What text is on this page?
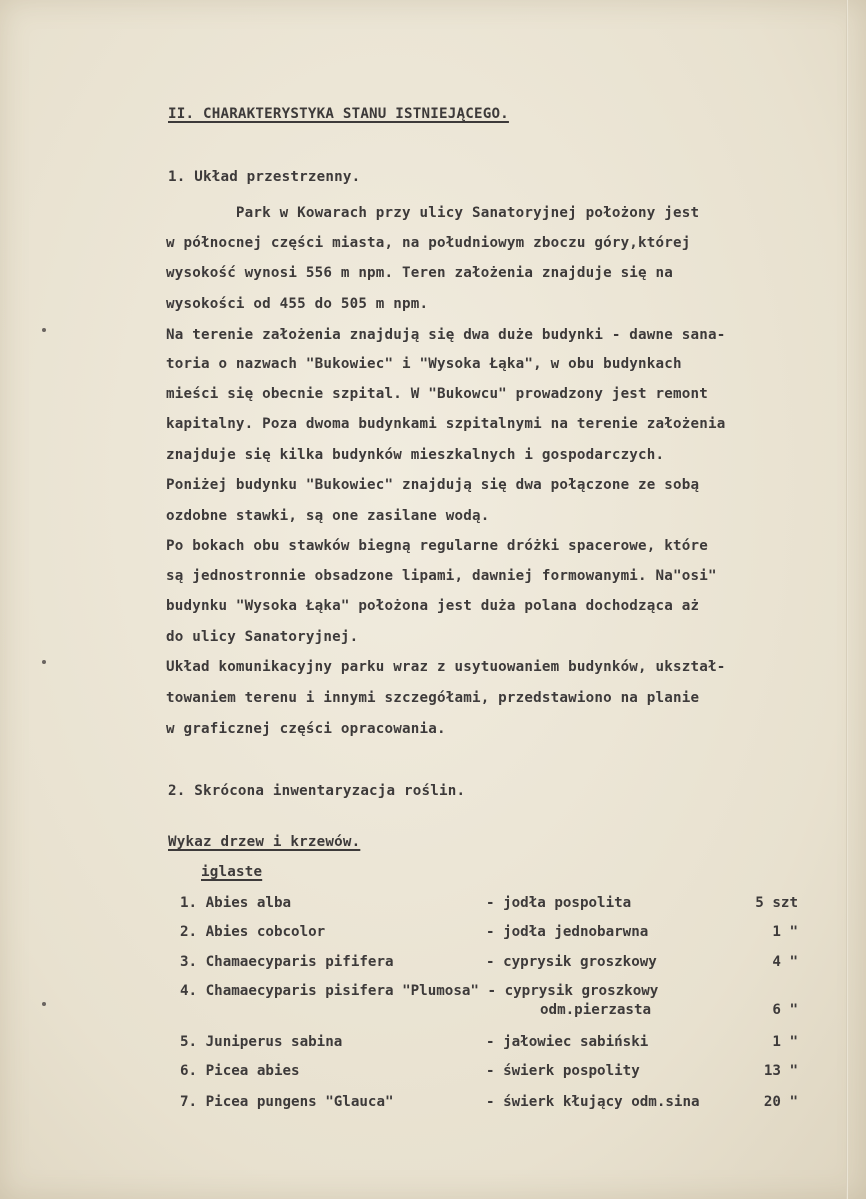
II. CHARAKTERYSTYKA STANU ISTNIEJĄCEGO.
1. Układ przestrzenny.
Park w Kowarach przy ulicy Sanatoryjnej położony jest
w północnej części miasta, na południowym zboczu góry,której
wysokość wynosi 556 m npm. Teren założenia znajduje się na
wysokości od 455 do 505 m npm.
Na terenie założenia znajdują się dwa duże budynki - dawne sana-
toria o nazwach "Bukowiec" i "Wysoka Łąka", w obu budynkach
mieści się obecnie szpital. W "Bukowcu" prowadzony jest remont
kapitalny. Poza dwoma budynkami szpitalnymi na terenie założenia
znajduje się kilka budynków mieszkalnych i gospodarczych.
Poniżej budynku "Bukowiec" znajdują się dwa połączone ze sobą
ozdobne stawki, są one zasilane wodą.
Po bokach obu stawków biegną regularne dróżki spacerowe, które
są jednostronnie obsadzone lipami, dawniej formowanymi. Na"osi"
budynku "Wysoka Łąka" położona jest duża polana dochodząca aż
do ulicy Sanatoryjnej.
Układ komunikacyjny parku wraz z usytuowaniem budynków, ukształ-
towaniem terenu i innymi szczegółami, przedstawiono na planie
w graficznej części opracowania.
2. Skrócona inwentaryzacja roślin.
Wykaz drzew i krzewów.
iglaste
1. Abies alba	- jodła pospolita	5 szt
2. Abies cobcolor	- jodła jednobarwna	1 "
3. Chamaecyparis pififera	- cyprysik groszkowy	4 "
4. Chamaecyparis pisifera "Plumosa" - cyprysik groszkowy
odm.pierzasta	6 "
5. Juniperus sabina	- jałowiec sabiński	1 "
6. Picea abies	- świerk pospolity	13 "
7. Picea pungens "Glauca"	- świerk kłujący odm.sina	20 "
